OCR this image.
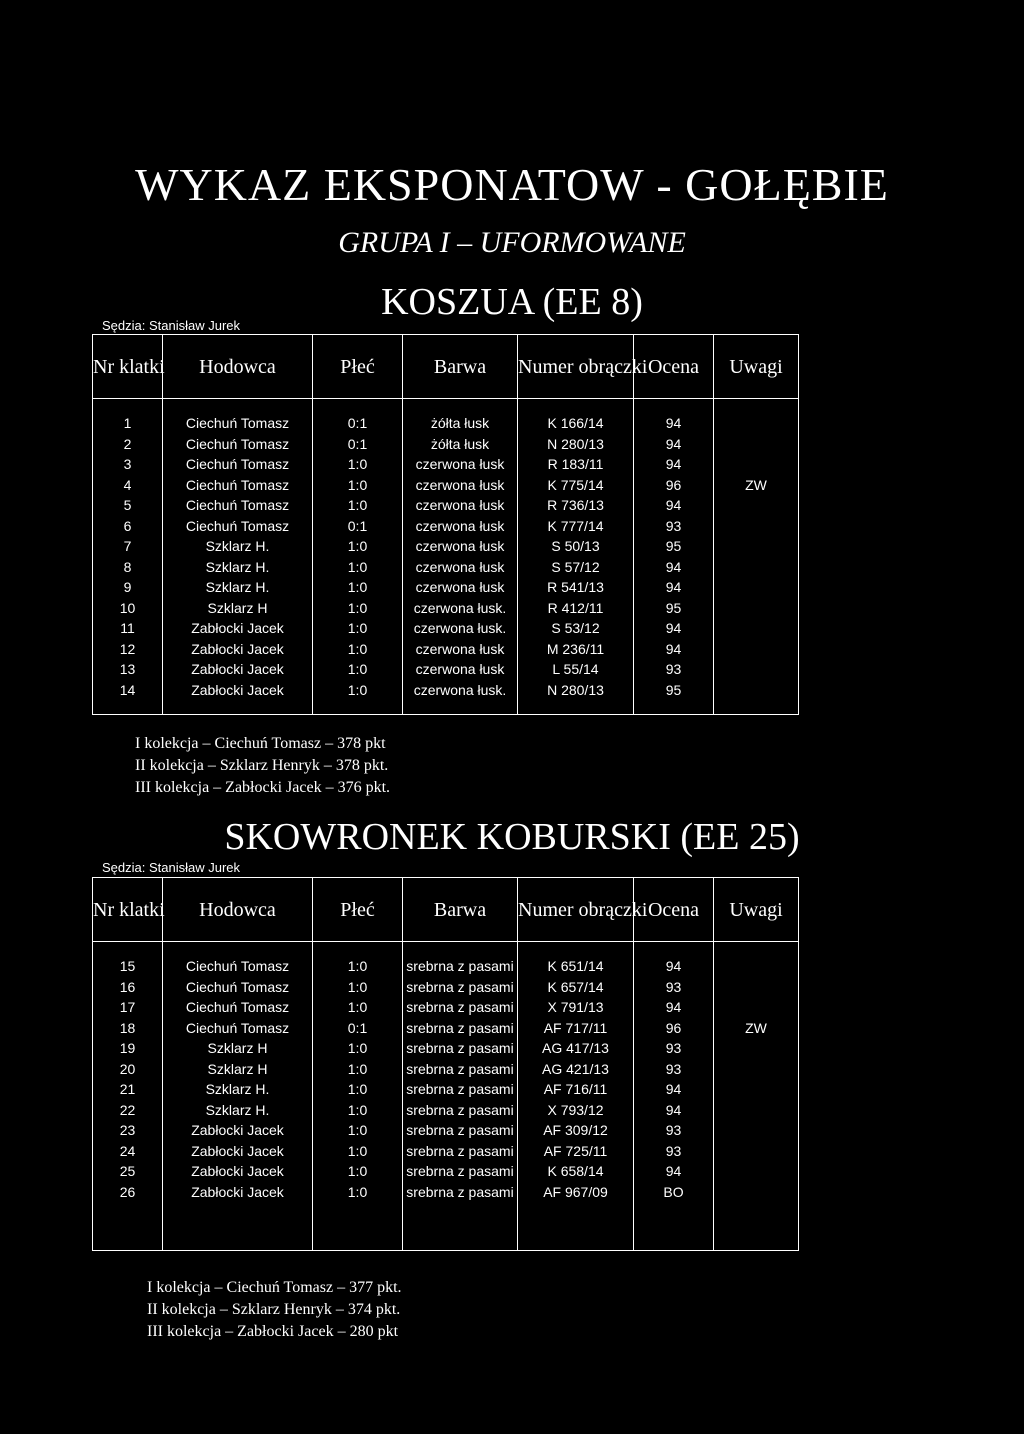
WYKAZ EKSPONATOW - GOŁĘBIE
GRUPA I – UFORMOWANE
KOSZUA (EE 8)
Sędzia: Stanisław Jurek
Nr klatki	Hodowca	Płeć	Barwa	Numer obrączki	Ocena	Uwagi

1	Ciechuń Tomasz	0:1	żółta łusk	K 166/14	94	
2	Ciechuń Tomasz	0:1	żółta łusk	N 280/13	94	
3	Ciechuń Tomasz	1:0	czerwona łusk	R 183/11	94	
4	Ciechuń Tomasz	1:0	czerwona łusk	K 775/14	96	ZW
5	Ciechuń Tomasz	1:0	czerwona łusk	R 736/13	94	
6	Ciechuń Tomasz	0:1	czerwona łusk	K 777/14	93	
7	Szklarz H.	1:0	czerwona łusk	S 50/13	95	
8	Szklarz H.	1:0	czerwona łusk	S 57/12	94	
9	Szklarz H.	1:0	czerwona łusk	R 541/13	94	
10	Szklarz H	1:0	czerwona łusk.	R 412/11	95	
11	Zabłocki Jacek	1:0	czerwona łusk.	S 53/12	94	
12	Zabłocki Jacek	1:0	czerwona łusk	M 236/11	94	
13	Zabłocki Jacek	1:0	czerwona łusk	L 55/14	93	
14	Zabłocki Jacek	1:0	czerwona łusk.	N 280/13	95	

I kolekcja – Ciechuń Tomasz – 378 pkt
II kolekcja – Szklarz Henryk – 378 pkt.
III kolekcja – Zabłocki Jacek – 376 pkt.
SKOWRONEK KOBURSKI (EE 25)
Sędzia: Stanisław Jurek
Nr klatki	Hodowca	Płeć	Barwa	Numer obrączki	Ocena	Uwagi

15	Ciechuń Tomasz	1:0	srebrna z pasami	K 651/14	94	
16	Ciechuń Tomasz	1:0	srebrna z pasami	K 657/14	93	
17	Ciechuń Tomasz	1:0	srebrna z pasami	X 791/13	94	
18	Ciechuń Tomasz	0:1	srebrna z pasami	AF 717/11	96	ZW
19	Szklarz H	1:0	srebrna z pasami	AG 417/13	93	
20	Szklarz H	1:0	srebrna z pasami	AG 421/13	93	
21	Szklarz H.	1:0	srebrna z pasami	AF 716/11	94	
22	Szklarz H.	1:0	srebrna z pasami	X 793/12	94	
23	Zabłocki Jacek	1:0	srebrna z pasami	AF 309/12	93	
24	Zabłocki Jacek	1:0	srebrna z pasami	AF 725/11	93	
25	Zabłocki Jacek	1:0	srebrna z pasami	K 658/14	94	
26	Zabłocki Jacek	1:0	srebrna z pasami	AF 967/09	BO	

I kolekcja – Ciechuń Tomasz – 377 pkt.
II kolekcja – Szklarz Henryk – 374 pkt.
III kolekcja – Zabłocki Jacek – 280 pkt
